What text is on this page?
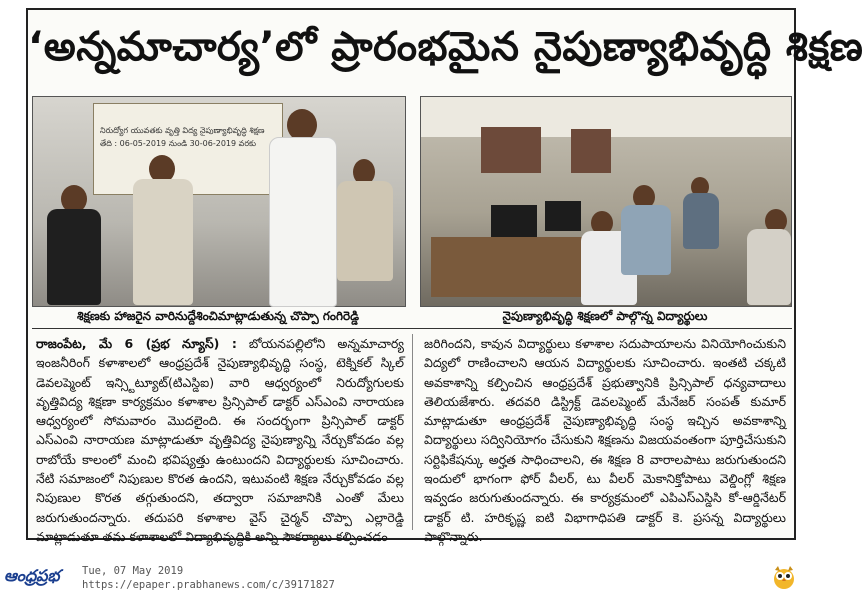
‘అన్నమాచార్య’లో ప్రారంభమైన నైపుణ్యాభివృద్ధి శిక్షణ
నిరుద్యోగ యువతకు వృత్తి విద్య నైపుణ్యాభివృద్ధి శిక్షణ
తేది : 06-05-2019 నుండి 30-06-2019 వరకు
శిక్షణకు హాజరైన వారినుద్దేశించిమాట్లాడుతున్న చొప్పా గంగిరెడ్డి	నైపుణ్యాభివృద్ధి శిక్షణలో పాల్గొన్న విద్యార్థులు
రాజంపేట, మే 6 (ప్రభ న్యూస్) : బోయనపల్లిలోని అన్నమాచార్య ఇంజనీరింగ్ కళాశాలలో ఆంధ్రప్రదేశ్ నైపుణ్యాభివృద్ధి సంస్థ, టెక్నికల్ స్కిల్ డెవలప్మెంట్ ఇన్స్టిట్యూట్(టిఎస్డిఐ) వారి ఆధ్వర్యంలో నిరుద్యోగులకు వృత్తివిద్య శిక్షణా కార్యక్రమం కళాశాల ప్రిన్సిపాల్ డాక్టర్ ఎస్ఎంవి నారాయణ ఆధ్వర్యంలో సోమవారం మొదలైంది. ఈ సందర్భంగా ప్రిన్సిపాల్ డాక్టర్ ఎస్ఎంవి నారాయణ మాట్లాడుతూ వృత్తివిద్య నైపుణ్యాన్ని నేర్చుకోవడం వల్ల రాబోయే కాలంలో మంచి భవిష్యత్తు ఉంటుందని విద్యార్థులకు సూచించారు. నేటి సమాజంలో నిపుణుల కొరత ఉందని, ఇటువంటి శిక్షణ నేర్చుకోవడం వల్ల నిపుణుల కొరత తగ్గుతుందని, తద్వారా సమాజానికి ఎంతో మేలు జరుగుతుందన్నారు. తదుపరి కళాశాల వైస్ చైర్మన్ చొప్పా ఎల్లారెడ్డి మాట్లాడుతూ తమ కళాశాలలో విద్యాభివృద్ధికి అన్ని సౌకర్యాలు కల్పించడం
జరిగిందని, కావున విద్యార్థులు కళాశాల సదుపాయాలను వినియోగించుకుని విద్యలో రాణించాలని ఆయన విద్యార్థులకు సూచించారు. ఇంతటి చక్కటి అవకాశాన్ని కల్పించిన ఆంధ్రప్రదేశ్ ప్రభుత్వానికి ప్రిన్సిపాల్ ధన్యవాదాలు తెలియజేశారు. తదవరి డిస్ట్రిక్ట్ డెవలప్మెంట్ మేనేజర్ సంపత్ కుమార్ మాట్లాడుతూ ఆంధ్రప్రదేశ్ నైపుణ్యాభివృద్ధి సంస్థ ఇచ్చిన అవకాశాన్ని విద్యార్థులు సద్వినియోగం చేసుకుని శిక్షణను విజయవంతంగా పూర్తిచేసుకుని సర్టిఫికేషన్కు అర్హత సాధించాలని, ఈ శిక్షణ 8 వారాలపాటు జరుగుతుందని ఇందులో భాగంగా ఫోర్ వీలర్, టు వీలర్ మెకానిక్తోపాటు వెల్డింగ్లో శిక్షణ ఇవ్వడం జరుగుతుందన్నారు. ఈ కార్యక్రమంలో ఎపిఎస్ఎస్డిసి కో-ఆర్డినేటర్ డాక్టర్ టి. హరికృష్ణ ఐటి విభాగాధిపతి డాక్టర్ కె. ప్రసన్న విద్యార్థులు పాల్గొన్నారు.
ఆంధ్రప్రభ Tue, 07 May 2019
https://epaper.prabhanews.com/c/39171827
